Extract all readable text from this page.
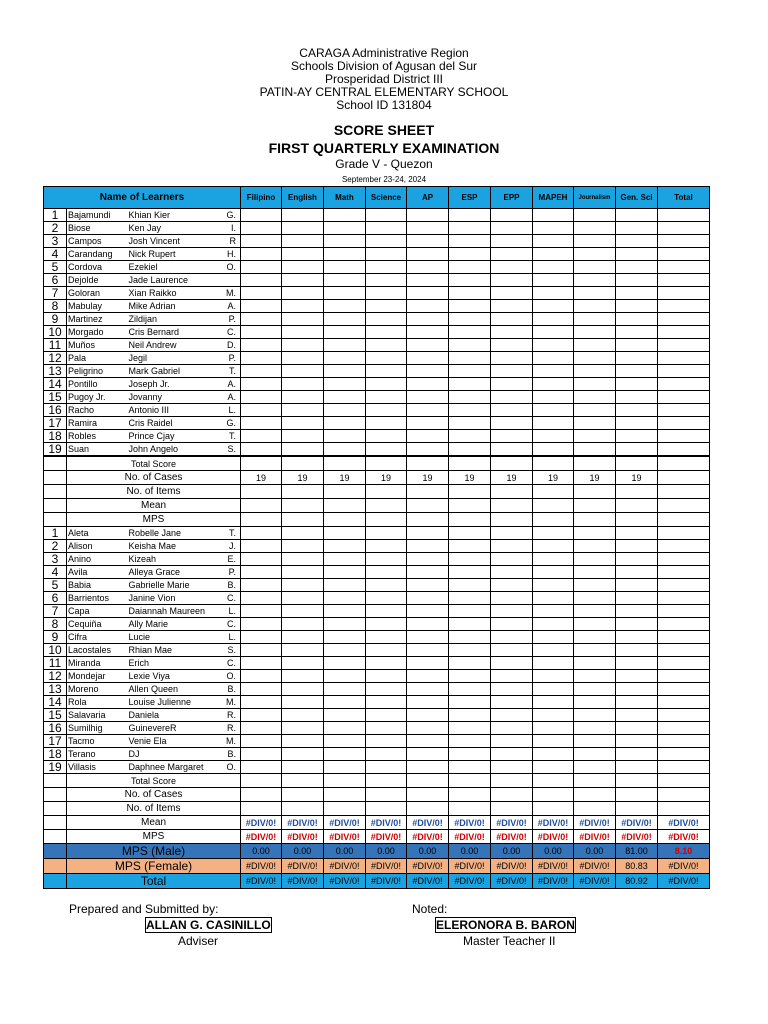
CARAGA Administrative Region
Schools Division of Agusan del Sur
Prosperidad District III
PATIN-AY CENTRAL ELEMENTARY SCHOOL
School ID 131804
SCORE SHEET
FIRST QUARTERLY EXAMINATION
Grade V - Quezon
September 23-24, 2024
Name of Learners				Filipino	English	Math	Science	AP	ESP	EPP	MAPEH	Journalism	Gen. Sci	Total
1	Bajamundi	Khian Kier	G.											
2	Biose	Ken Jay	I.											
3	Campos	Josh Vincent	R											
4	Carandang	Nick Rupert	H.											
5	Cordova	Ezekiel	O.											
6	Dejolde	Jade Laurence												
7	Goloran	Xian Raikko	M.											
8	Mabulay	Mike Adrian	A.											
9	Martinez	Zildijan	P.											
10	Morgado	Cris Bernard	C.											
11	Muños	Neil Andrew	D.											
12	Pala	Jegil	P.											
13	Peligrino	Mark Gabriel	T.											
14	Pontillo	Joseph Jr.	A.											
15	Pugoy Jr.	Jovanny	A.											
16	Racho	Antonio III	L.											
17	Ramira	Cris Raidel	G.											
18	Robles	Prince Cjay	T.											
19	Suan	John Angelo	S.											
	Total Score													
	No. of Cases			19	19	19	19	19	19	19	19	19	19	
	No. of Items													
	Mean													
	MPS													
1	Aleta	Robelle Jane	T.											
2	Alison	Keisha Mae	J.											
3	Anino	Kizeah	E.											
4	Avila	Alleya Grace	P.											
5	Babia	Gabrielle Marie	B.											
6	Barrientos	Janine Vion	C.											
7	Capa	Daiannah Maureen	L.											
8	Cequiña	Ally Marie	C.											
9	Cifra	Lucie	L.											
10	Lacostales	Rhian Mae	S.											
11	Miranda	Erich	C.											
12	Mondejar	Lexie Viya	O.											
13	Moreno	Allen Queen	B.											
14	Rola	Louise Julienne	M.											
15	Salavaria	Daniela	R.											
16	Sumilhig	GuinevereR	R.											
17	Tacmo	Venie Ela	M.											
18	Terano	DJ	B.											
19	Villasis	Daphnee Margaret	O.											
	Total Score													
	No. of Cases													
	No. of Items													
	Mean			#DIV/0!	#DIV/0!	#DIV/0!	#DIV/0!	#DIV/0!	#DIV/0!	#DIV/0!	#DIV/0!	#DIV/0!	#DIV/0!	#DIV/0!
	MPS			#DIV/0!	#DIV/0!	#DIV/0!	#DIV/0!	#DIV/0!	#DIV/0!	#DIV/0!	#DIV/0!	#DIV/0!	#DIV/0!	#DIV/0!
	MPS (Male)			0.00	0.00	0.00	0.00	0.00	0.00	0.00	0.00	0.00	81.00	8.10
	MPS (Female)			#DIV/0!	#DIV/0!	#DIV/0!	#DIV/0!	#DIV/0!	#DIV/0!	#DIV/0!	#DIV/0!	#DIV/0!	80.83	#DIV/0!
	Total			#DIV/0!	#DIV/0!	#DIV/0!	#DIV/0!	#DIV/0!	#DIV/0!	#DIV/0!	#DIV/0!	#DIV/0!	80.92	#DIV/0!
Prepared and Submitted by:
ALLAN G. CASINILLO
Adviser
Noted:
ELERONORA B. BARON
Master Teacher II
